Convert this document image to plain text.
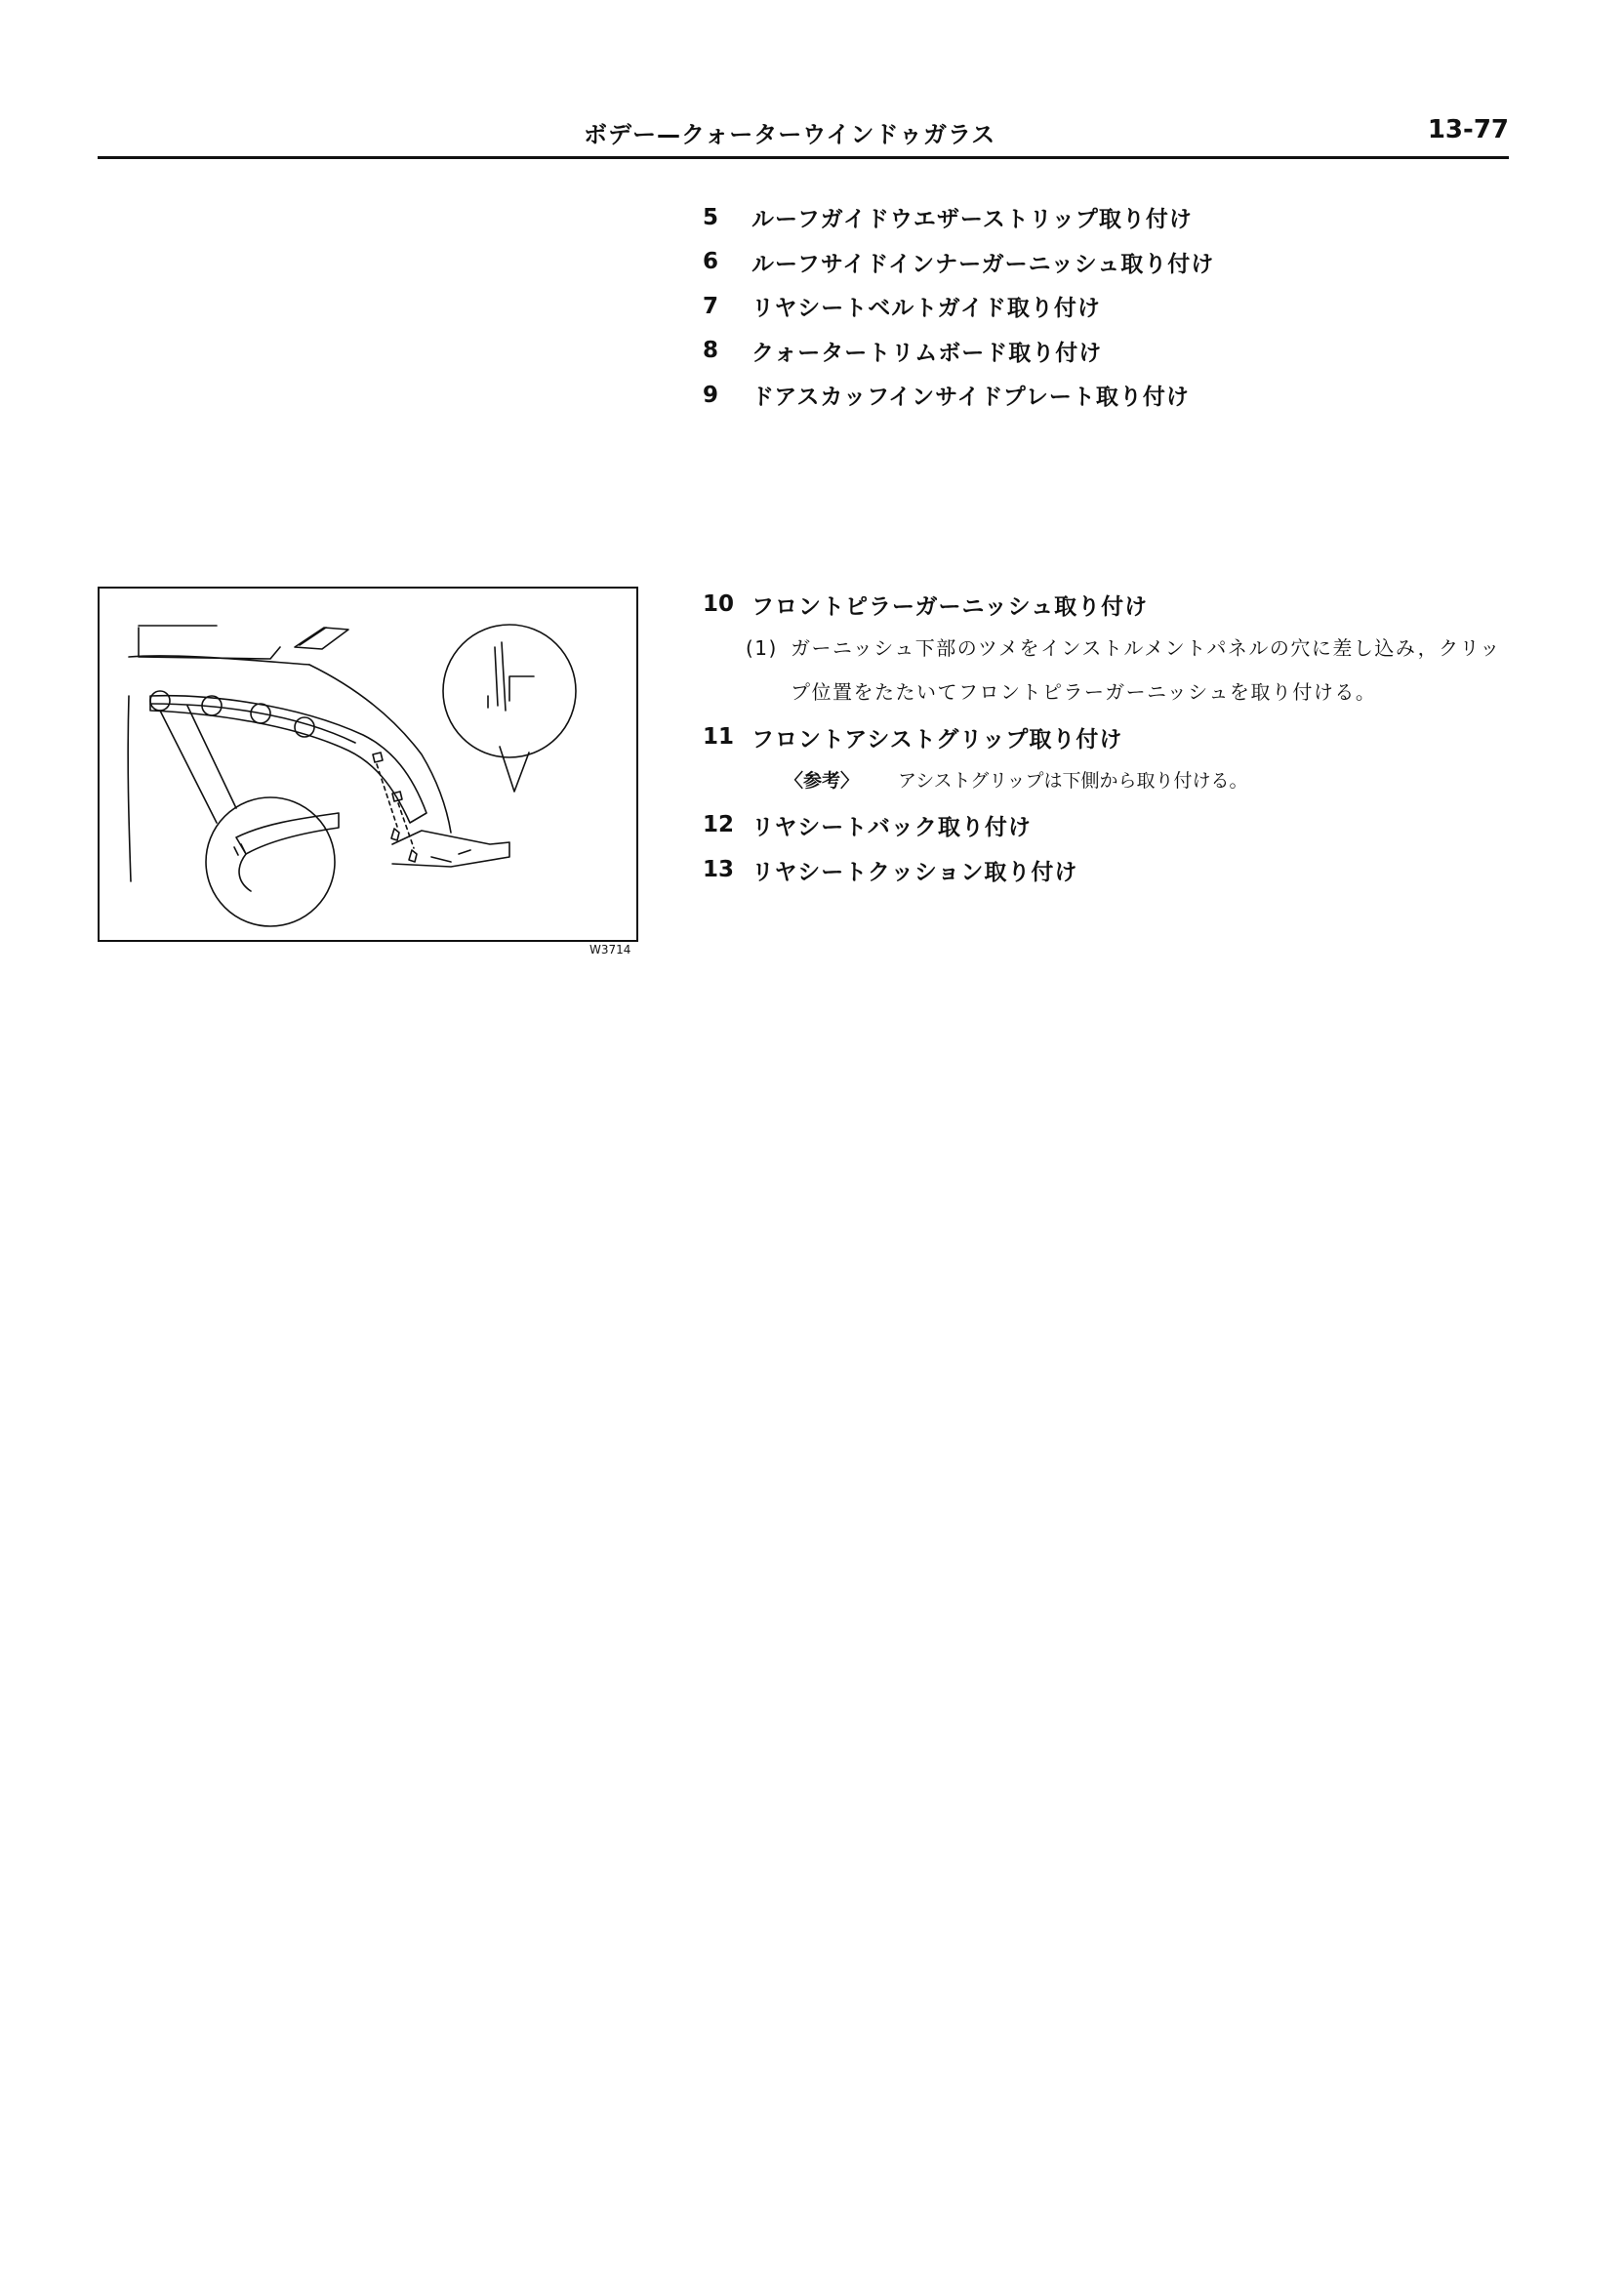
ボデー—クォーターウインドゥガラス	13-77
5	ルーフガイドウエザーストリップ取り付け
6	ルーフサイドインナーガーニッシュ取り付け
7	リヤシートベルトガイド取り付け
8	クォータートリムボード取り付け
9	ドアスカッフインサイドプレート取り付け
W3714
10 フロントピラーガーニッシュ取り付け
(1) ガーニッシュ下部のツメをインストルメントパネルの穴に差し込み，クリップ位置をたたいてフロントピラーガーニッシュを取り付ける。
11 フロントアシストグリップ取り付け
〈参考〉 アシストグリップは下側から取り付ける。
12 リヤシートバック取り付け
13 リヤシートクッション取り付け
